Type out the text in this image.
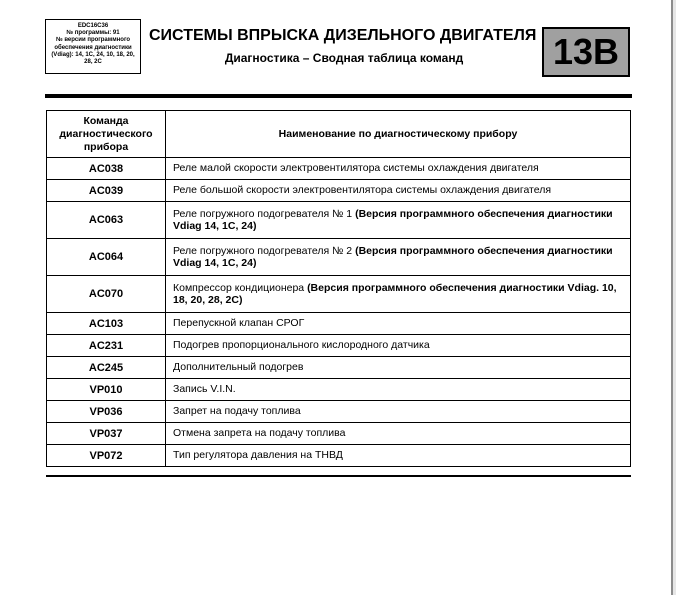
EDC16C36
№ программы: 91
№ версии программного
обеспечения диагностики
(Vdiag): 14, 1C, 24, 10, 18, 20,
28, 2C
СИСТЕМЫ ВПРЫСКА ДИЗЕЛЬНОГО ДВИГАТЕЛЯ
Диагностика – Сводная таблица команд	13B
Команда диагностического прибора	Наименование по диагностическому прибору
AC038	Реле малой скорости электровентилятора системы охлаждения двигателя
AC039	Реле большой скорости электровентилятора системы охлаждения двигателя
AC063	Реле погружного подогревателя № 1 (Версия программного обеспечения диагностики Vdiag 14, 1C, 24)
AC064	Реле погружного подогревателя № 2 (Версия программного обеспечения диагностики Vdiag 14, 1C, 24)
AC070	Компрессор кондиционера (Версия программного обеспечения диагностики Vdiag. 10, 18, 20, 28, 2C)
AC103	Перепускной клапан СРОГ
AC231	Подогрев пропорционального кислородного датчика
AC245	Дополнительный подогрев
VP010	Запись V.I.N.
VP036	Запрет на подачу топлива
VP037	Отмена запрета на подачу топлива
VP072	Тип регулятора давления на ТНВД
